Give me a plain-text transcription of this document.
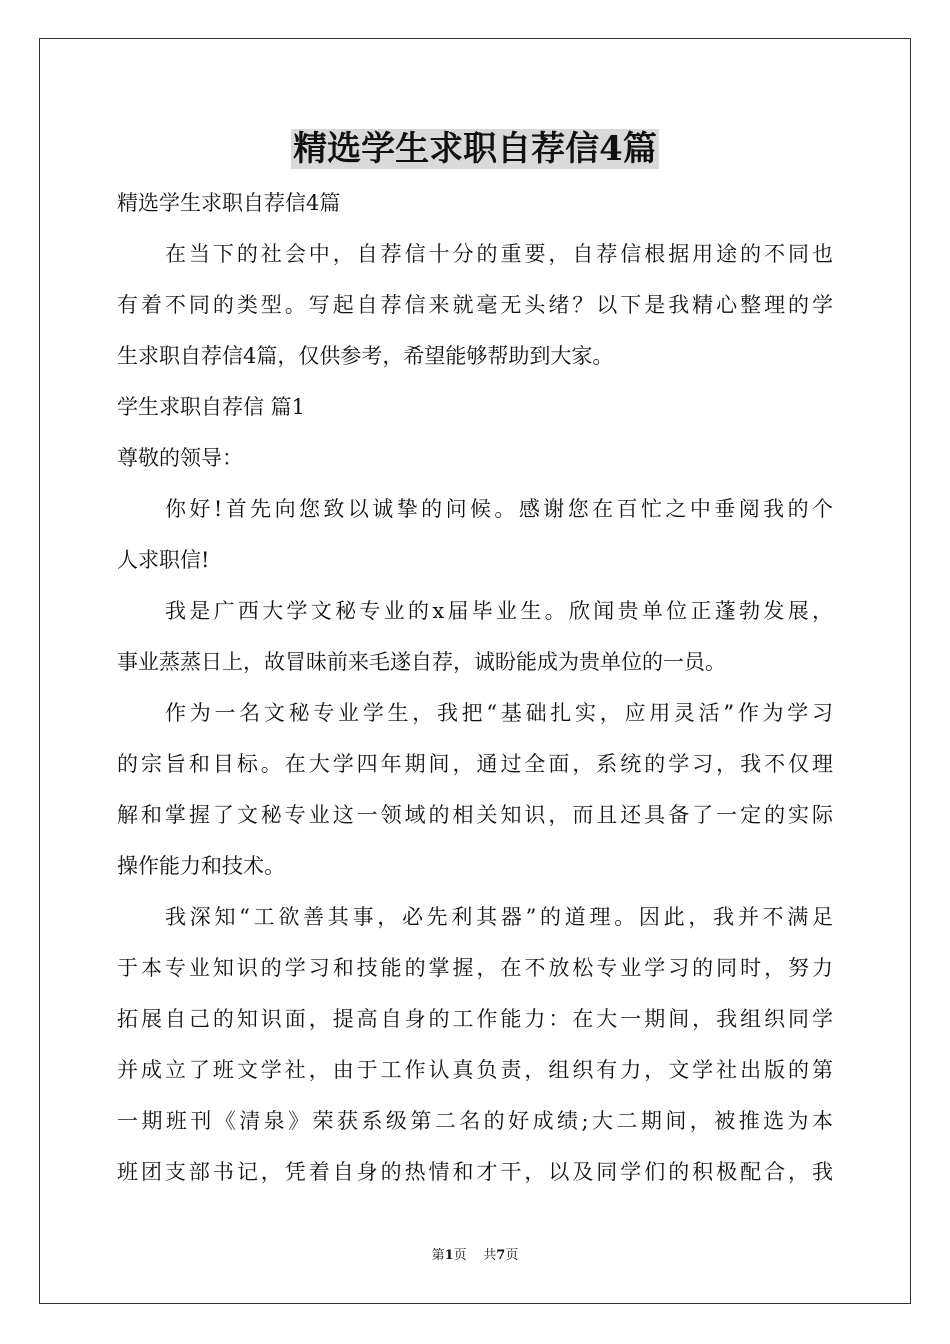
精选学生求职自荐信4篇
精选学生求职自荐信4篇
在当下的社会中，自荐信十分的重要，自荐信根据用途的不同也
有着不同的类型。写起自荐信来就毫无头绪？以下是我精心整理的学
生求职自荐信4篇，仅供参考，希望能够帮助到大家。
学生求职自荐信 篇1
尊敬的领导：
你好!首先向您致以诚挚的问候。感谢您在百忙之中垂阅我的个
人求职信!
我是广西大学文秘专业的x届毕业生。欣闻贵单位正蓬勃发展，
事业蒸蒸日上，故冒昧前来毛遂自荐，诚盼能成为贵单位的一员。
作为一名文秘专业学生，我把“基础扎实，应用灵活”作为学习
的宗旨和目标。在大学四年期间，通过全面，系统的学习，我不仅理
解和掌握了文秘专业这一领域的相关知识，而且还具备了一定的实际
操作能力和技术。
我深知“工欲善其事，必先利其器”的道理。因此，我并不满足
于本专业知识的学习和技能的掌握，在不放松专业学习的同时，努力
拓展自己的知识面，提高自身的工作能力：在大一期间，我组织同学
并成立了班文学社，由于工作认真负责，组织有力，文学社出版的第
一期班刊《清泉》荣获系级第二名的好成绩;大二期间，被推选为本
班团支部书记，凭着自身的热情和才干，以及同学们的积极配合，我
第1页 共7页
